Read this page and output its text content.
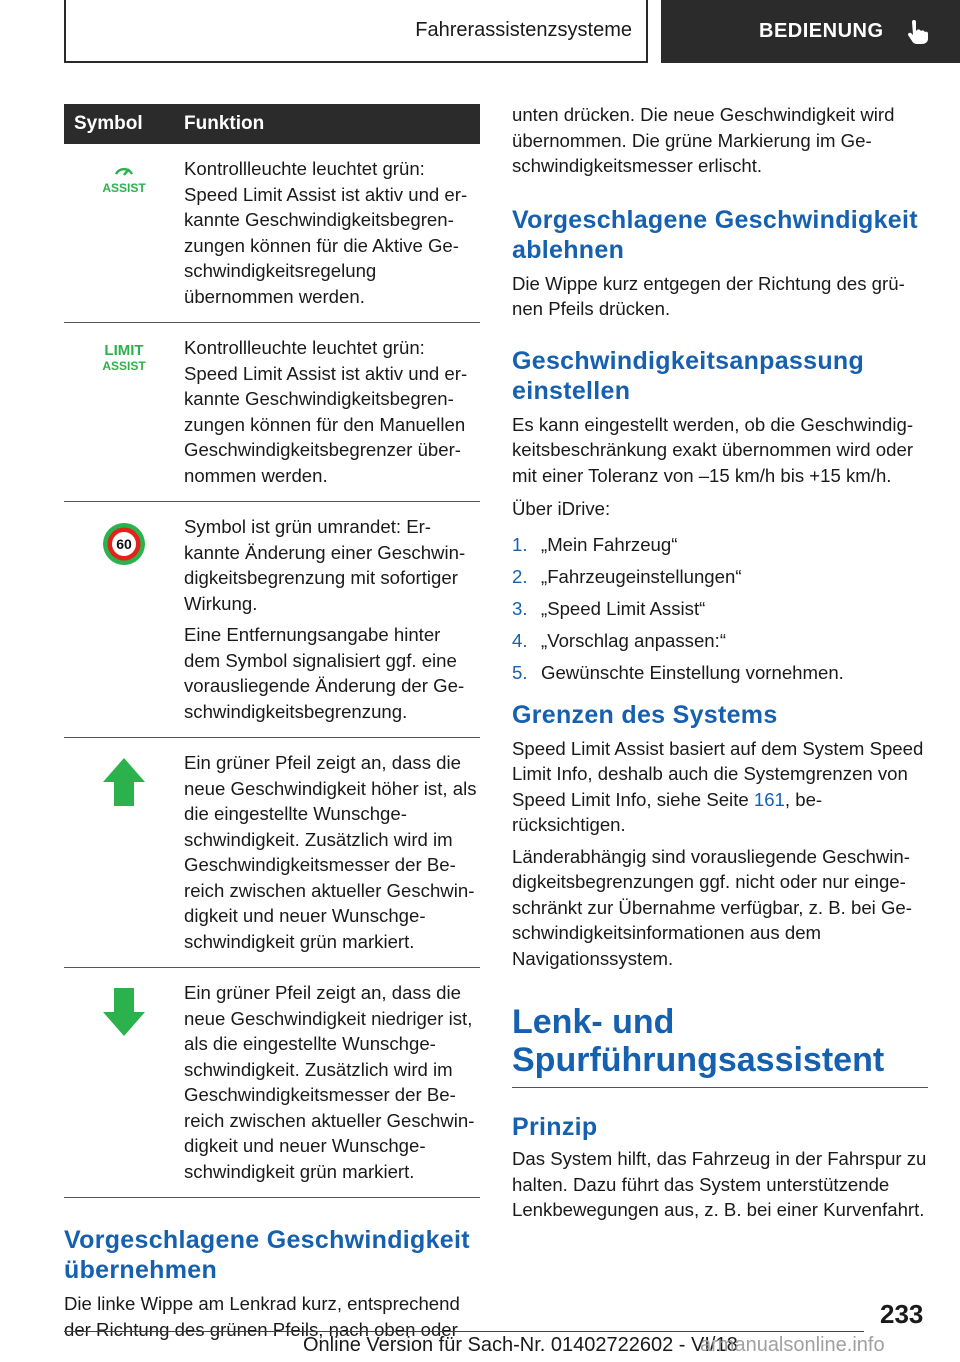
Fahrerassistenzsysteme	BEDIENUNG
Symbol	Funktion

ASSIST	Kontrollleuchte leuchtet grün: Speed Limit Assist ist aktiv und erkannte Geschwindigkeitsbegrenzungen können für die Aktive Geschwindigkeitsregelung übernommen werden.

LIMIT
ASSIST	Kontrollleuchte leuchtet grün: Speed Limit Assist ist aktiv und erkannte Geschwindigkeitsbegrenzungen können für den Manuellen Geschwindigkeitsbegrenzer übernommen werden.

60	Symbol ist grün umrandet: Erkannte Änderung einer Geschwindigkeitsbegrenzung mit sofortiger Wirkung.

Eine Entfernungsangabe hinter dem Symbol signalisiert ggf. eine vorausliegende Änderung der Geschwindigkeitsbegrenzung.

Ein grüner Pfeil zeigt an, dass die neue Geschwindigkeit höher ist, als die eingestellte Wunschgeschwindigkeit. Zusätzlich wird im Geschwindigkeitsmesser der Bereich zwischen aktueller Geschwindigkeit und neuer Wunschgeschwindigkeit grün markiert.

Ein grüner Pfeil zeigt an, dass die neue Geschwindigkeit niedriger ist, als die eingestellte Wunschgeschwindigkeit. Zusätzlich wird im Geschwindigkeitsmesser der Bereich zwischen aktueller Geschwindigkeit und neuer Wunschgeschwindigkeit grün markiert.

Vorgeschlagene Geschwindigkeit übernehmen

Die linke Wippe am Lenkrad kurz, entsprechend der Richtung des grünen Pfeils, nach oben oder

unten drücken. Die neue Geschwindigkeit wird übernommen. Die grüne Markierung im Geschwindigkeitsmesser erlischt.

Vorgeschlagene Geschwindigkeit ablehnen

Die Wippe kurz entgegen der Richtung des grünen Pfeils drücken.

Geschwindigkeitsanpassung einstellen

Es kann eingestellt werden, ob die Geschwindigkeitsbeschränkung exakt übernommen wird oder mit einer Toleranz von –15 km/h bis +15 km/h.

Über iDrive:

1. „Mein Fahrzeug“
2. „Fahrzeugeinstellungen“
3. „Speed Limit Assist“
4. „Vorschlag anpassen:“
5. Gewünschte Einstellung vornehmen.
Grenzen des Systems

Speed Limit Assist basiert auf dem System Speed Limit Info, deshalb auch die Systemgrenzen von Speed Limit Info, siehe Seite 161, berücksichtigen.

Länderabhängig sind vorausliegende Geschwindigkeitsbegrenzungen ggf. nicht oder nur eingeschränkt zur Übernahme verfügbar, z. B. bei Geschwindigkeitsinformationen aus dem Navigationssystem.

Lenk- und Spurführungsassistent
Prinzip

Das System hilft, das Fahrzeug in der Fahrspur zu halten. Dazu führt das System unterstützende Lenkbewegungen aus, z. B. bei einer Kurvenfahrt.

233
Online Version für Sach-Nr. 01402722602 - VI/18
armanualsonline.info
